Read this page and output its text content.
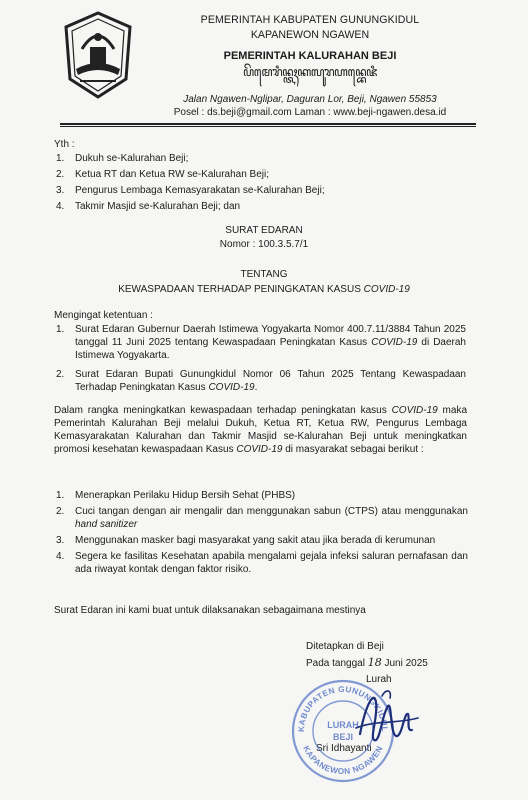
PEMERINTAH KABUPATEN GUNUNGKIDUL
KAPANEWON NGAWEN
PEMERINTAH KALURAHAN BEJI
ꦥꦼꦩꦺꦫꦶꦤ꧀ꦠꦃꦏꦭꦸꦫꦲꦤ꧀ꦧꦺꦗꦶ
Jalan Ngawen-Nglipar, Daguran Lor, Beji, Ngawen 55853
Posel : ds.beji@gmail.com Laman : www.beji-ngawen.desa.id
Yth :
1. Dukuh se-Kalurahan Beji;
2. Ketua RT dan Ketua RW se-Kalurahan Beji;
3. Pengurus Lembaga Kemasyarakatan se-Kalurahan Beji;
4. Takmir Masjid se-Kalurahan Beji; dan
SURAT EDARAN
Nomor : 100.3.5.7/1
TENTANG
KEWASPADAAN TERHADAP PENINGKATAN KASUS COVID-19
Mengingat ketentuan :
1. Surat Edaran Gubernur Daerah Istimewa Yogyakarta Nomor 400.7.11/3884 Tahun 2025 tanggal 11 Juni 2025 tentang Kewaspadaan Peningkatan Kasus COVID-19 di Daerah Istimewa Yogyakarta.
2. Surat Edaran Bupati Gunungkidul Nomor 06 Tahun 2025 Tentang Kewaspadaan Terhadap Peningkatan Kasus COVID-19.
Dalam rangka meningkatkan kewaspadaan terhadap peningkatan kasus COVID-19 maka Pemerintah Kalurahan Beji melalui Dukuh, Ketua RT, Ketua RW, Pengurus Lembaga Kemasyarakatan Kalurahan dan Takmir Masjid se-Kalurahan Beji untuk meningkatkan promosi kesehatan kewaspadaan Kasus COVID-19 di masyarakat sebagai berikut :
1. Menerapkan Perilaku Hidup Bersih Sehat (PHBS)
2. Cuci tangan dengan air mengalir dan menggunakan sabun (CTPS) atau menggunakan hand sanitizer
3. Menggunakan masker bagi masyarakat yang sakit atau jika berada di kerumunan
4. Segera ke fasilitas Kesehatan apabila mengalami gejala infeksi saluran pernafasan dan ada riwayat kontak dengan faktor risiko.
Surat Edaran ini kami buat untuk dilaksanakan sebagaimana mestinya
Ditetapkan di Beji
Pada tanggal 18 Juni 2025
Lurah
Sri Idhayanti
KABUPATEN GUNUNGKIDUL
KAPANEWON NGAWEN
LURAH
BEJI
